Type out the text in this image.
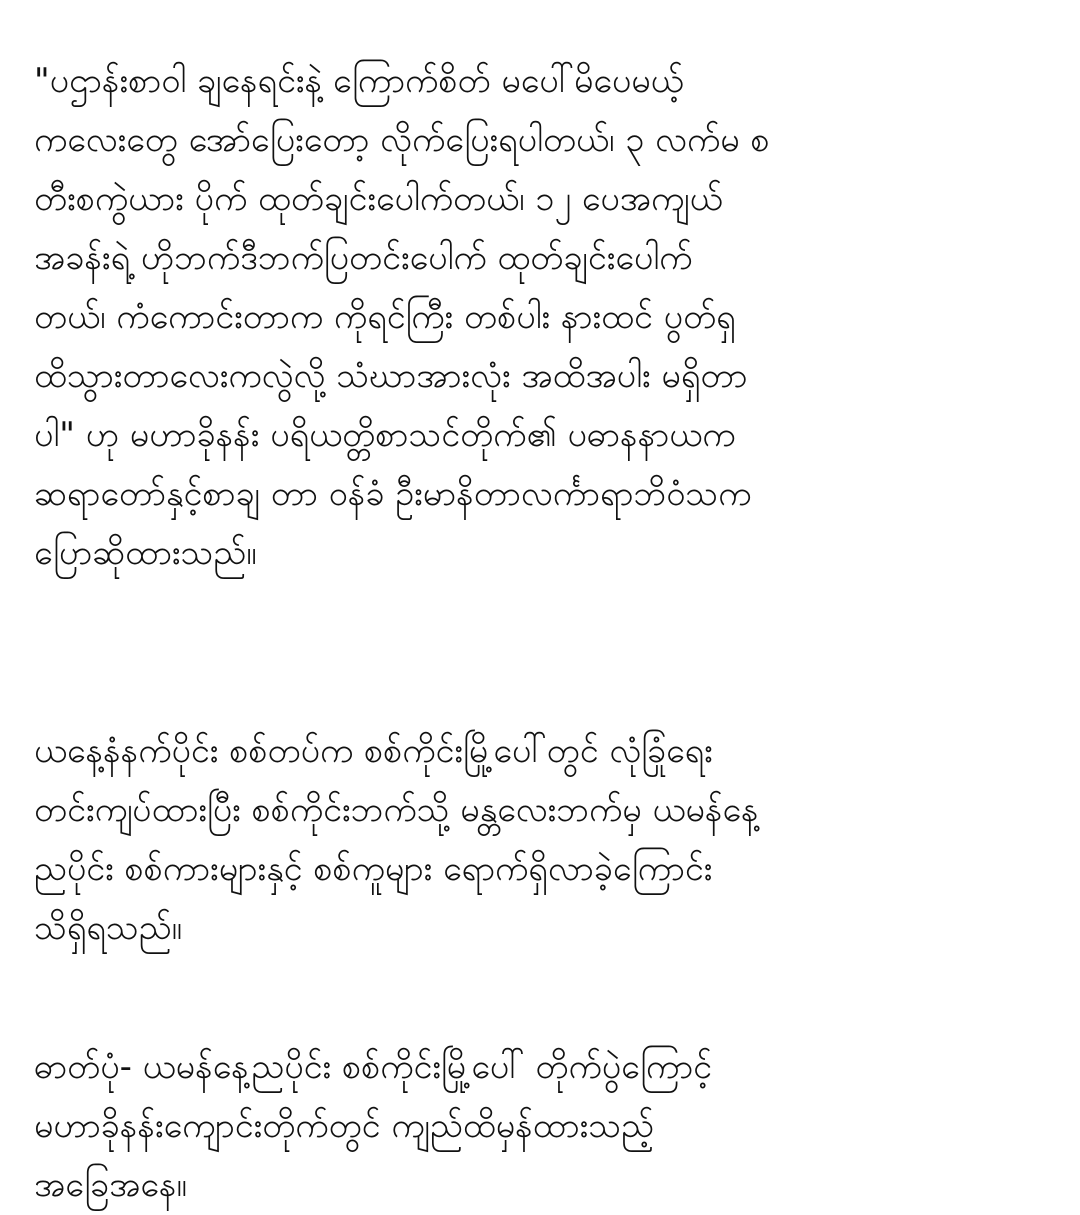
"ပဌာန်းစာဝါ ချနေရင်းနဲ့ ကြောက်စိတ် မပေါ်မိပေမယ့်
ကလေးတွေ အော်ပြေးတော့ လိုက်ပြေးရပါတယ်၊ ၃ လက်မ စ
တီးစကွဲယား ပိုက် ထုတ်ချင်းပေါက်တယ်၊ ၁၂ ပေအကျယ်
အခန်းရဲ့ ဟိုဘက်ဒီဘက်ပြတင်းပေါက် ထုတ်ချင်းပေါက်
တယ်၊ ကံကောင်းတာက ကိုရင်ကြီး တစ်ပါး နားထင် ပွတ်ရှ
ထိသွားတာလေးကလွဲလို့ သံဃာအားလုံး အထိအပါး မရှိတာ
ပါ" ဟု မဟာခိုနန်း ပရိယတ္တိစာသင်တိုက်၏ ပဓာနနာယက
ဆရာတော်နှင့်စာချ တာ ဝန်ခံ ဦးမာနိတာလင်္ကာရာဘိဝံသက
ပြောဆိုထားသည်။

ယနေ့နံနက်ပိုင်း စစ်တပ်က စစ်ကိုင်းမြို့ပေါ်တွင် လုံခြုံရေး
တင်းကျပ်ထားပြီး စစ်ကိုင်းဘက်သို့ မန္တလေးဘက်မှ ယမန်နေ့
ညပိုင်း စစ်ကားများနှင့် စစ်ကူများ ရောက်ရှိလာခဲ့ကြောင်း
သိရှိရသည်။

ဓာတ်ပုံ- ယမန်နေ့ညပိုင်း စစ်ကိုင်းမြို့ပေါ် တိုက်ပွဲကြောင့်
မဟာခိုနန်းကျောင်းတိုက်တွင် ကျည်ထိမှန်ထားသည့်
အခြေအနေ။
